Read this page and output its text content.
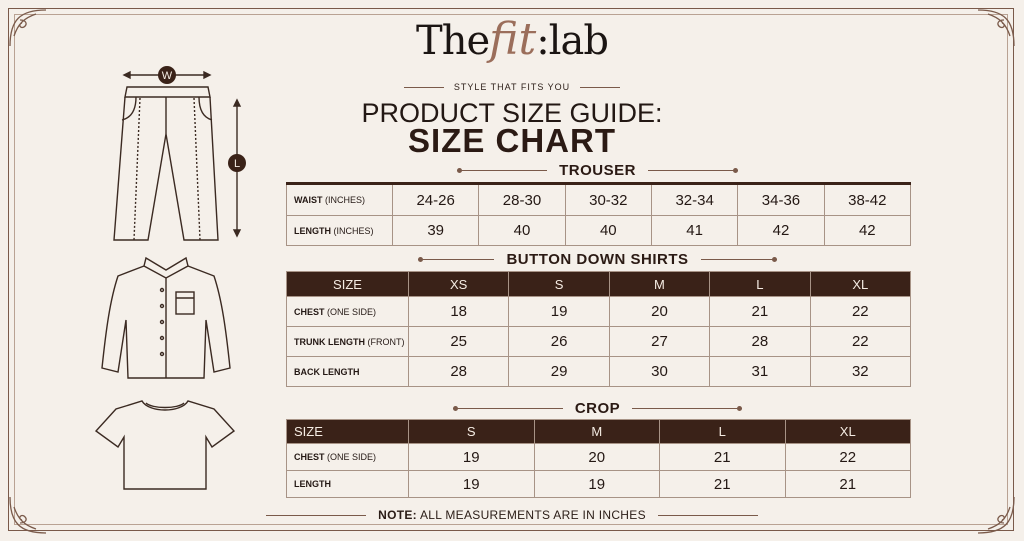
Thefit:lab
STYLE THAT FITS YOU
PRODUCT SIZE GUIDE:
SIZE CHART
W
L	TROUSER
WAIST (INCHES)	24-26	28-30	30-32	32-34	34-36	38-42
LENGTH (INCHES)	39	40	40	41	42	42
BUTTON DOWN SHIRTS
SIZE	XS	S	M	L	XL
CHEST (ONE SIDE)	18	19	20	21	22
TRUNK LENGTH (FRONT)	25	26	27	28	22
BACK LENGTH	28	29	30	31	32
CROP
SIZE	S	M	L	XL
CHEST (ONE SIDE)	19	20	21	22
LENGTH	19	19	21	21
NOTE: ALL MEASUREMENTS ARE IN INCHES
